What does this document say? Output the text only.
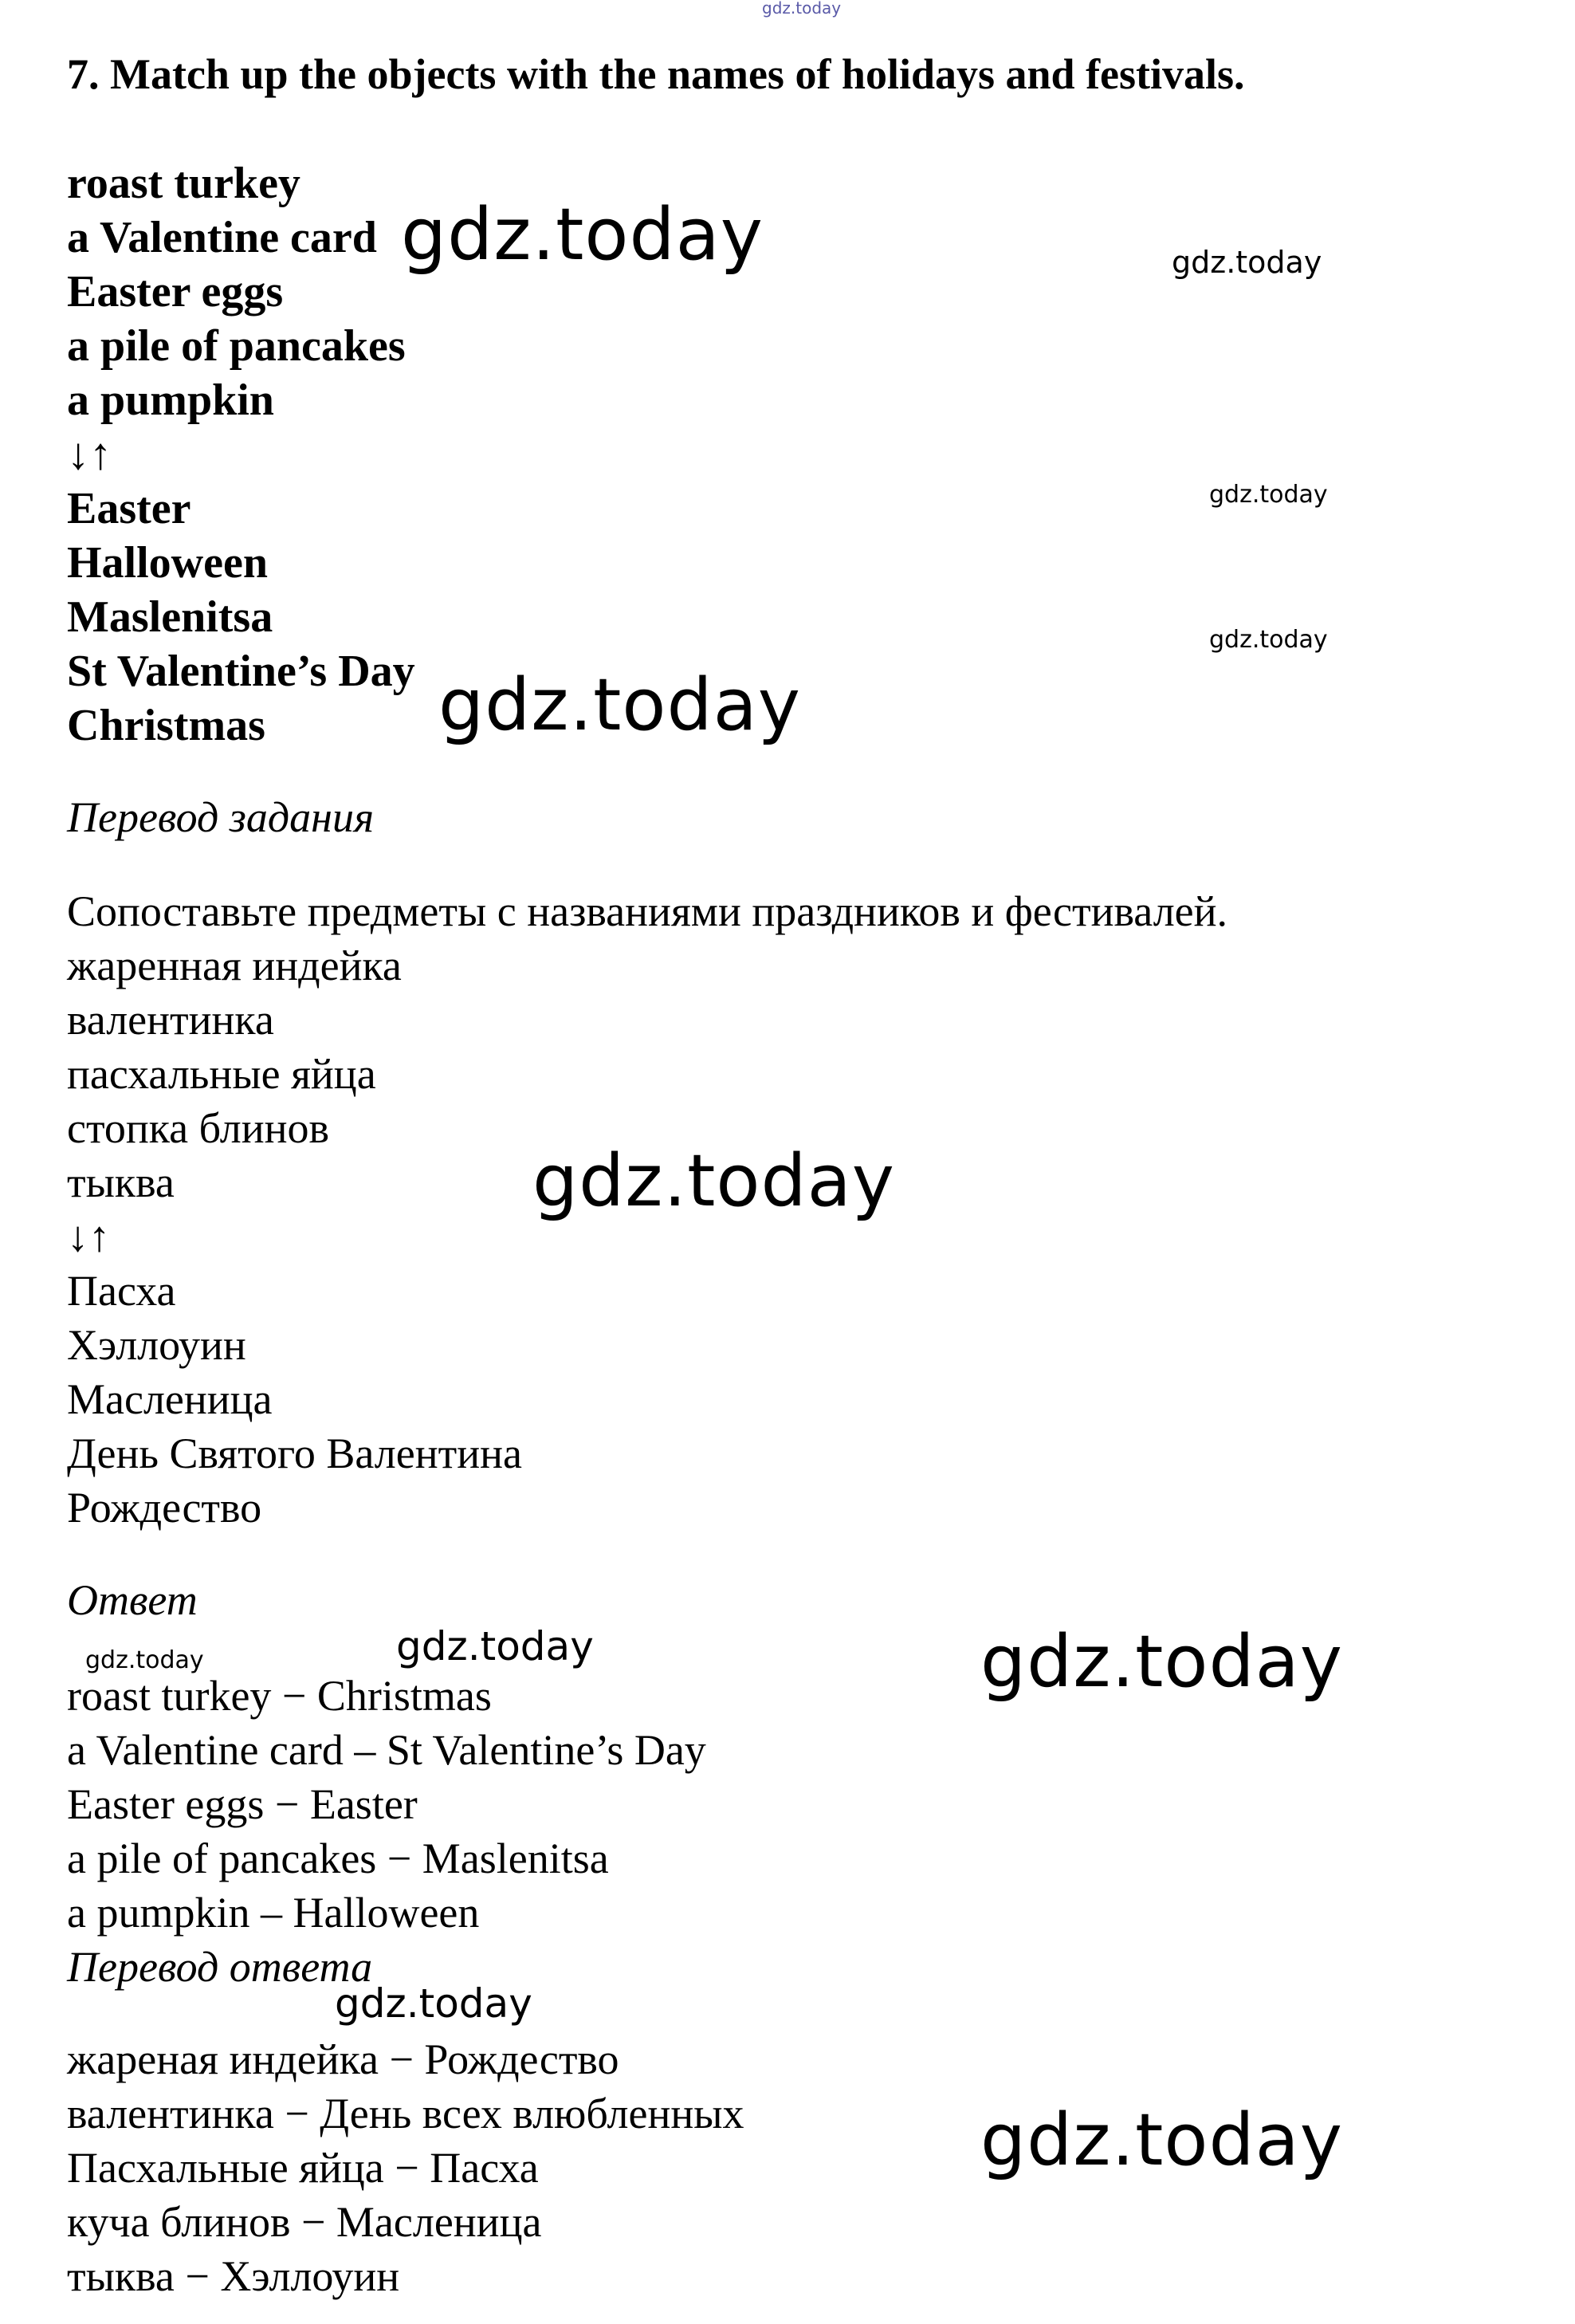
gdz.today
7. Match up the objects with the names of holidays and festivals.
roast turkey
a Valentine card
Easter eggs
a pile of pancakes
a pumpkin
↓↑
Easter
Halloween
Maslenitsa
St Valentine’s Day
Christmas
Перевод задания
Сопоставьте предметы с названиями праздников и фестивалей.
жаренная индейка
валентинка
пасхальные яйца
стопка блинов
тыква
↓↑
Пасха
Хэллоуин
Масленица
День Святого Валентина
Рождество
Ответ
roast turkey − Christmas
a Valentine card – St Valentine’s Day
Easter eggs − Easter
a pile of pancakes − Maslenitsa
a pumpkin – Halloween
Перевод ответа
жареная индейка − Рождество
валентинка − День всех влюбленных
Пасхальные яйца − Пасха
куча блинов − Масленица
тыква − Хэллоуин
gdz.today	gdz.today
gdz.today
gdz.today
gdz.today
gdz.today
gdz.today	gdz.today	gdz.today
gdz.today
gdz.today
